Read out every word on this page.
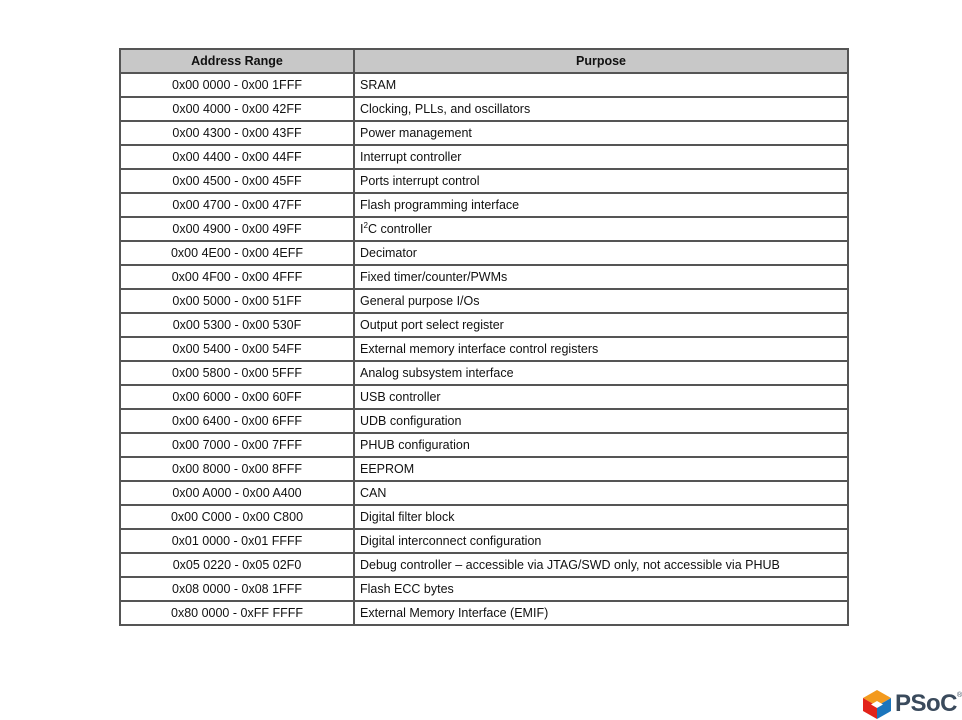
Address Range	Purpose
0x00 0000 - 0x00 1FFF	SRAM
0x00 4000 - 0x00 42FF	Clocking, PLLs, and oscillators
0x00 4300 - 0x00 43FF	Power management
0x00 4400 - 0x00 44FF	Interrupt controller
0x00 4500 - 0x00 45FF	Ports interrupt control
0x00 4700 - 0x00 47FF	Flash programming interface
0x00 4900 - 0x00 49FF	$I^2C$ controller
0x00 4E00 - 0x00 4EFF	Decimator
0x00 4F00 - 0x00 4FFF	Fixed timer/counter/PWMs
0x00 5000 - 0x00 51FF	General purpose I/Os
0x00 5300 - 0x00 530F	Output port select register
0x00 5400 - 0x00 54FF	External memory interface control registers
0x00 5800 - 0x00 5FFF	Analog subsystem interface
0x00 6000 - 0x00 60FF	USB controller
0x00 6400 - 0x00 6FFF	UDB configuration
0x00 7000 - 0x00 7FFF	PHUB configuration
0x00 8000 - 0x00 8FFF	EEPROM
0x00 A000 - 0x00 A400	CAN
0x00 C000 - 0x00 C800	Digital filter block
0x01 0000 - 0x01 FFFF	Digital interconnect configuration
0x05 0220 - 0x05 02F0	Debug controller – accessible via JTAG/SWD only, not accessible via PHUB
0x08 0000 - 0x08 1FFF	Flash ECC bytes
0x80 0000 - 0xFF FFFF	External Memory Interface (EMIF)
PSoC ®
